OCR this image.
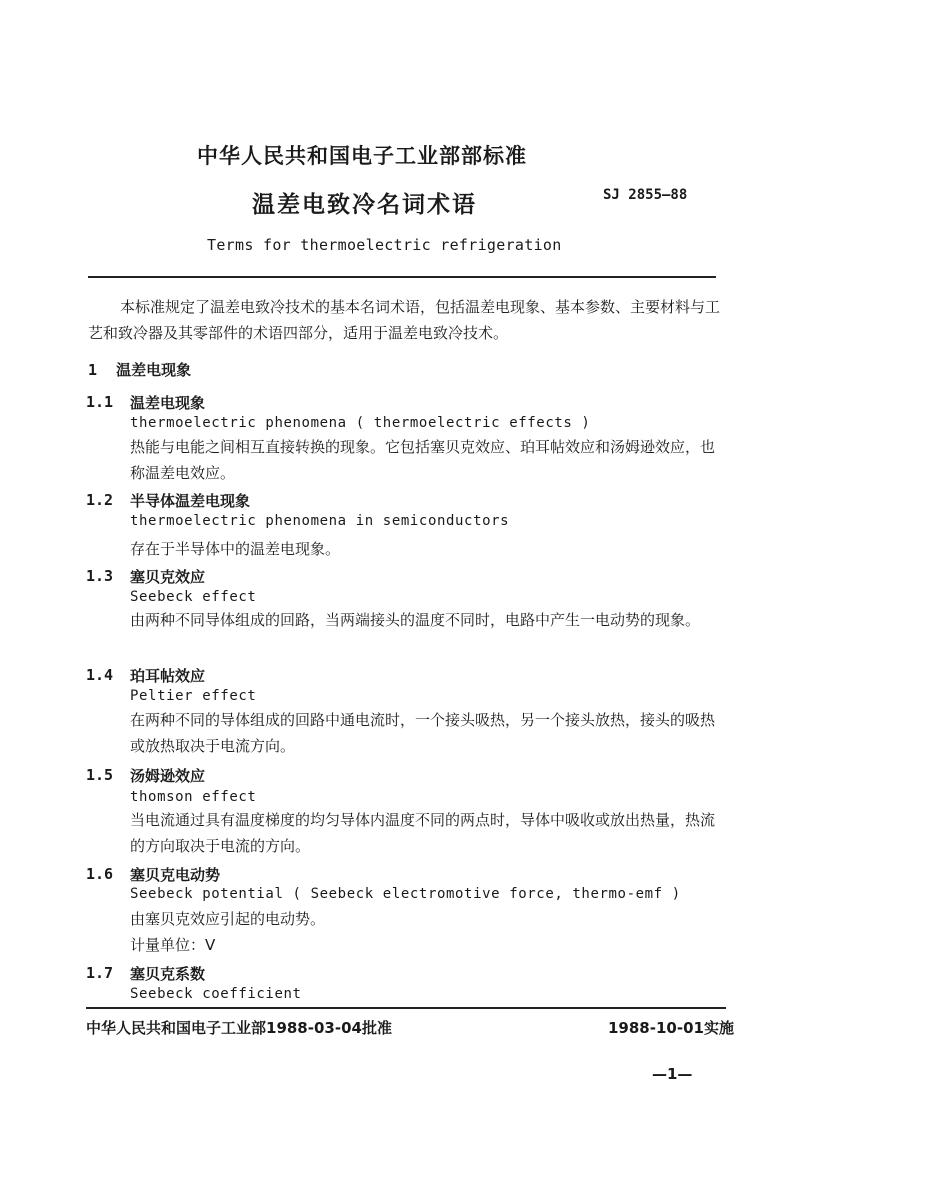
中华人民共和国电子工业部部标准
温差电致冷名词术语	SJ 2855—88
Terms for thermoelectric refrigeration
本标准规定了温差电致冷技术的基本名词术语，包括温差电现象、基本参数、主要材料与工艺和致冷器及其零部件的术语四部分，适用于温差电致冷技术。
1 温差电现象
1.1 温差电现象
thermoelectric phenomena ( thermoelectric effects )
热能与电能之间相互直接转换的现象。它包括塞贝克效应、珀耳帖效应和汤姆逊效应，也称温差电效应。
1.2 半导体温差电现象
thermoelectric phenomena in semiconductors
存在于半导体中的温差电现象。
1.3 塞贝克效应
Seebeck effect
由两种不同导体组成的回路，当两端接头的温度不同时，电路中产生一电动势的现象。
1.4 珀耳帖效应
Peltier effect
在两种不同的导体组成的回路中通电流时，一个接头吸热，另一个接头放热，接头的吸热或放热取决于电流方向。
1.5 汤姆逊效应
thomson effect
当电流通过具有温度梯度的均匀导体内温度不同的两点时，导体中吸收或放出热量，热流的方向取决于电流的方向。
1.6 塞贝克电动势
Seebeck potential ( Seebeck electromotive force, thermo-emf )
由塞贝克效应引起的电动势。
计量单位：V
1.7 塞贝克系数
Seebeck coefficient
中华人民共和国电子工业部1988-03-04批准	1988-10-01实施
—1—
